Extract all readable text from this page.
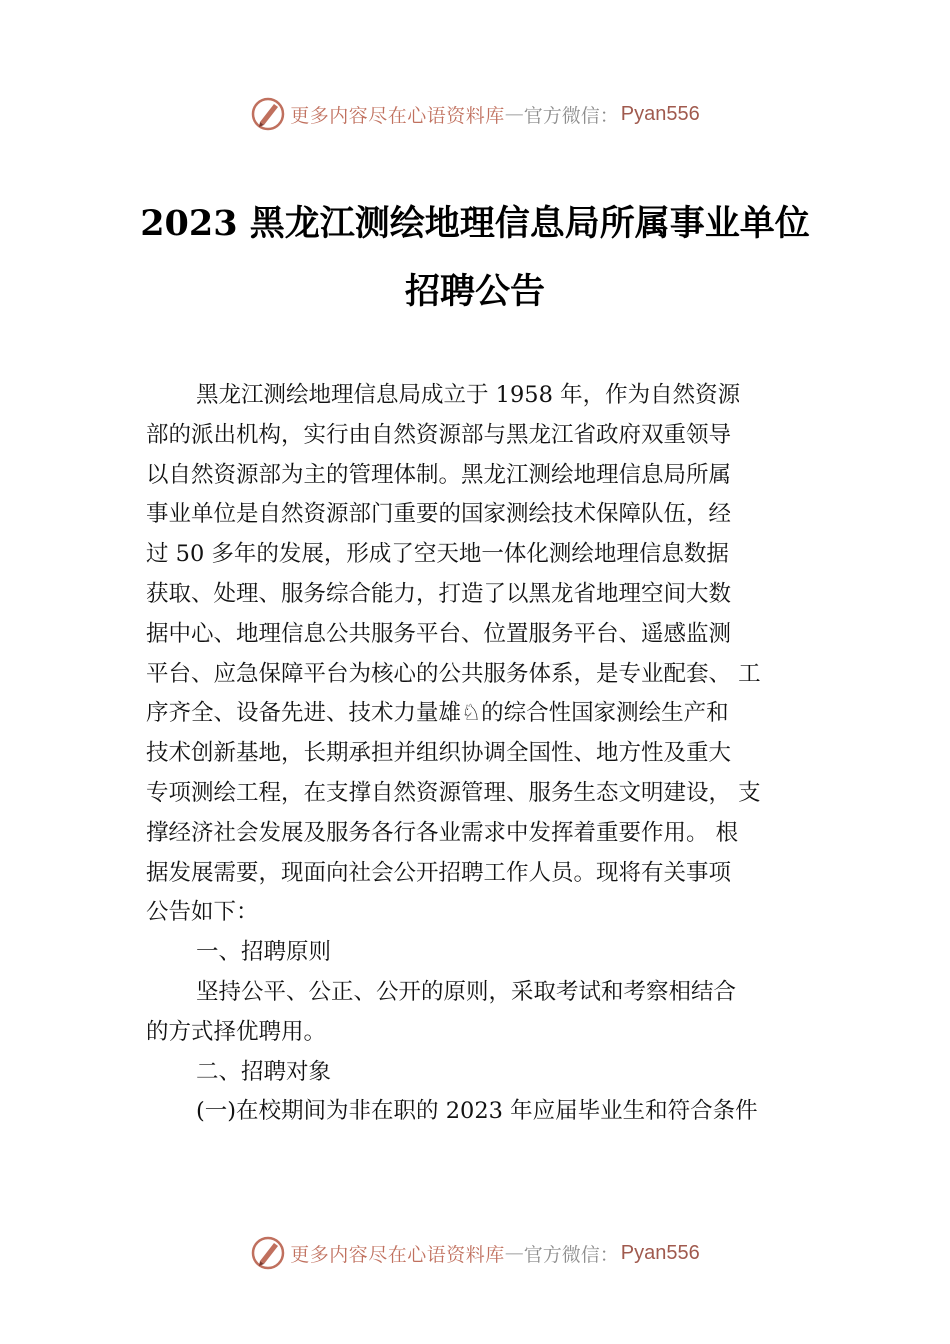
更多内容尽在心语资料库 — 官方微信： Pyan556
2023 黑龙江测绘地理信息局所属事业单位
招聘公告
黑龙江测绘地理信息局成立于 1958 年，作为自然资源
部的派出机构，实行由自然资源部与黑龙江省政府双重领导
以自然资源部为主的管理体制。黑龙江测绘地理信息局所属
事业单位是自然资源部门重要的国家测绘技术保障队伍，经
过 50 多年的发展，形成了空天地一体化测绘地理信息数据
获取、处理、服务综合能力，打造了以黑龙省地理空间大数
据中心、地理信息公共服务平台、位置服务平台、遥感监测
平台、应急保障平台为核心的公共服务体系，是专业配套、 工
序齐全、设备先进、技术力量雄♘的综合性国家测绘生产和
技术创新基地，长期承担并组织协调全国性、地方性及重大
专项测绘工程，在支撑自然资源管理、服务生态文明建设， 支
撑经济社会发展及服务各行各业需求中发挥着重要作用。 根
据发展需要，现面向社会公开招聘工作人员。现将有关事项
公告如下：
一、招聘原则
坚持公平、公正、公开的原则，采取考试和考察相结合
的方式择优聘用。
二、招聘对象
(一)在校期间为非在职的 2023 年应届毕业生和符合条件
更多内容尽在心语资料库 — 官方微信： Pyan556
